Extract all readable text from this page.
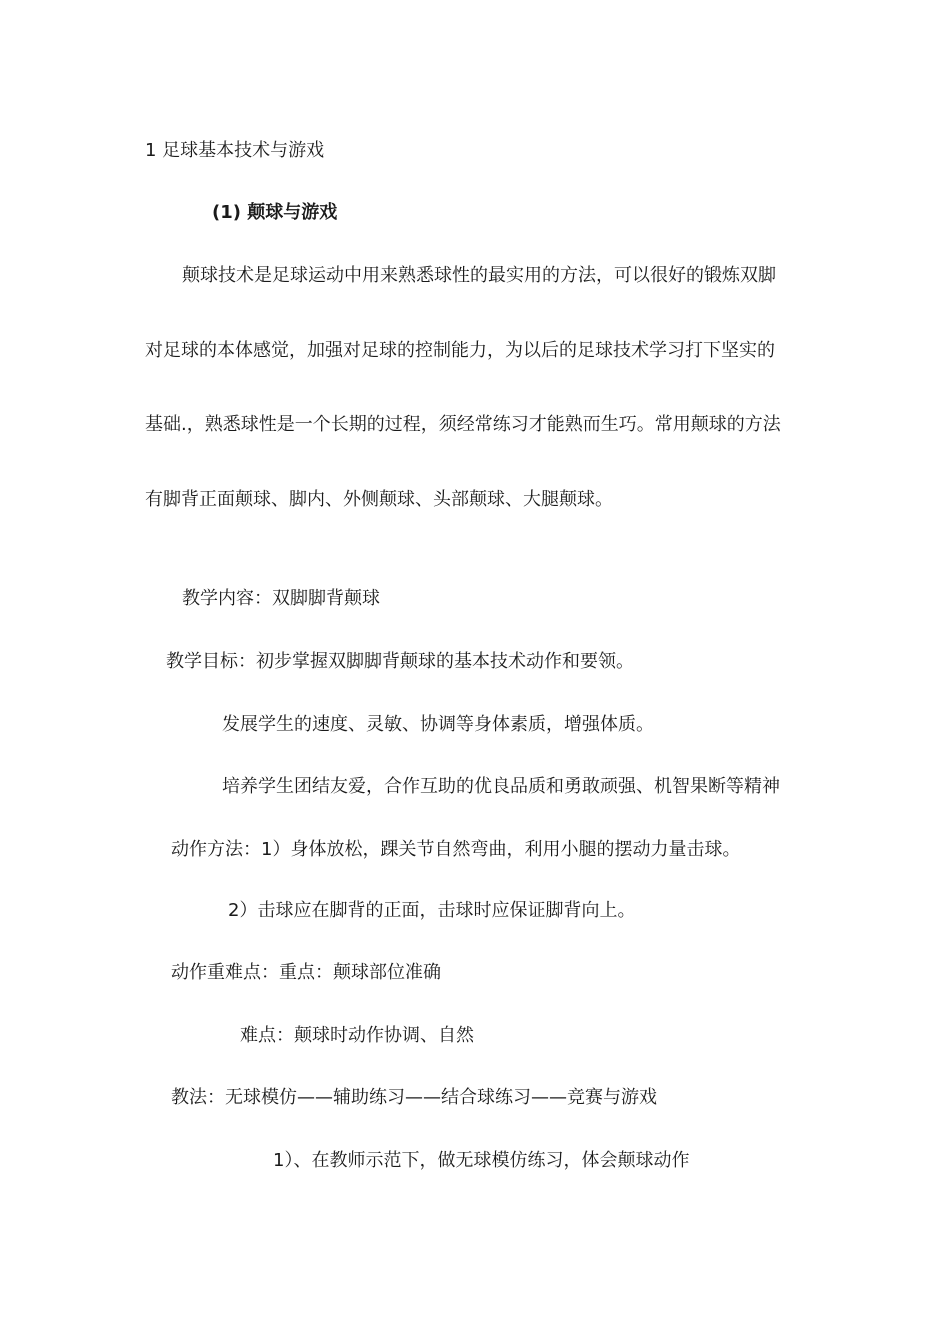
1 足球基本技术与游戏
(1) 颠球与游戏
颠球技术是足球运动中用来熟悉球性的最实用的方法，可以很好的锻炼双脚
对足球的本体感觉，加强对足球的控制能力，为以后的足球技术学习打下坚实的
基础.，熟悉球性是一个长期的过程，须经常练习才能熟而生巧。常用颠球的方法
有脚背正面颠球、脚内、外侧颠球、头部颠球、大腿颠球。
教学内容：双脚脚背颠球
教学目标：初步掌握双脚脚背颠球的基本技术动作和要领。
发展学生的速度、灵敏、协调等身体素质，增强体质。
培养学生团结友爱，合作互助的优良品质和勇敢顽强、机智果断等精神
动作方法：1）身体放松，踝关节自然弯曲，利用小腿的摆动力量击球。
2）击球应在脚背的正面，击球时应保证脚背向上。
动作重难点：重点：颠球部位准确
难点：颠球时动作协调、自然
教法：无球模仿——辅助练习——结合球练习——竞赛与游戏
1）、在教师示范下，做无球模仿练习，体会颠球动作
